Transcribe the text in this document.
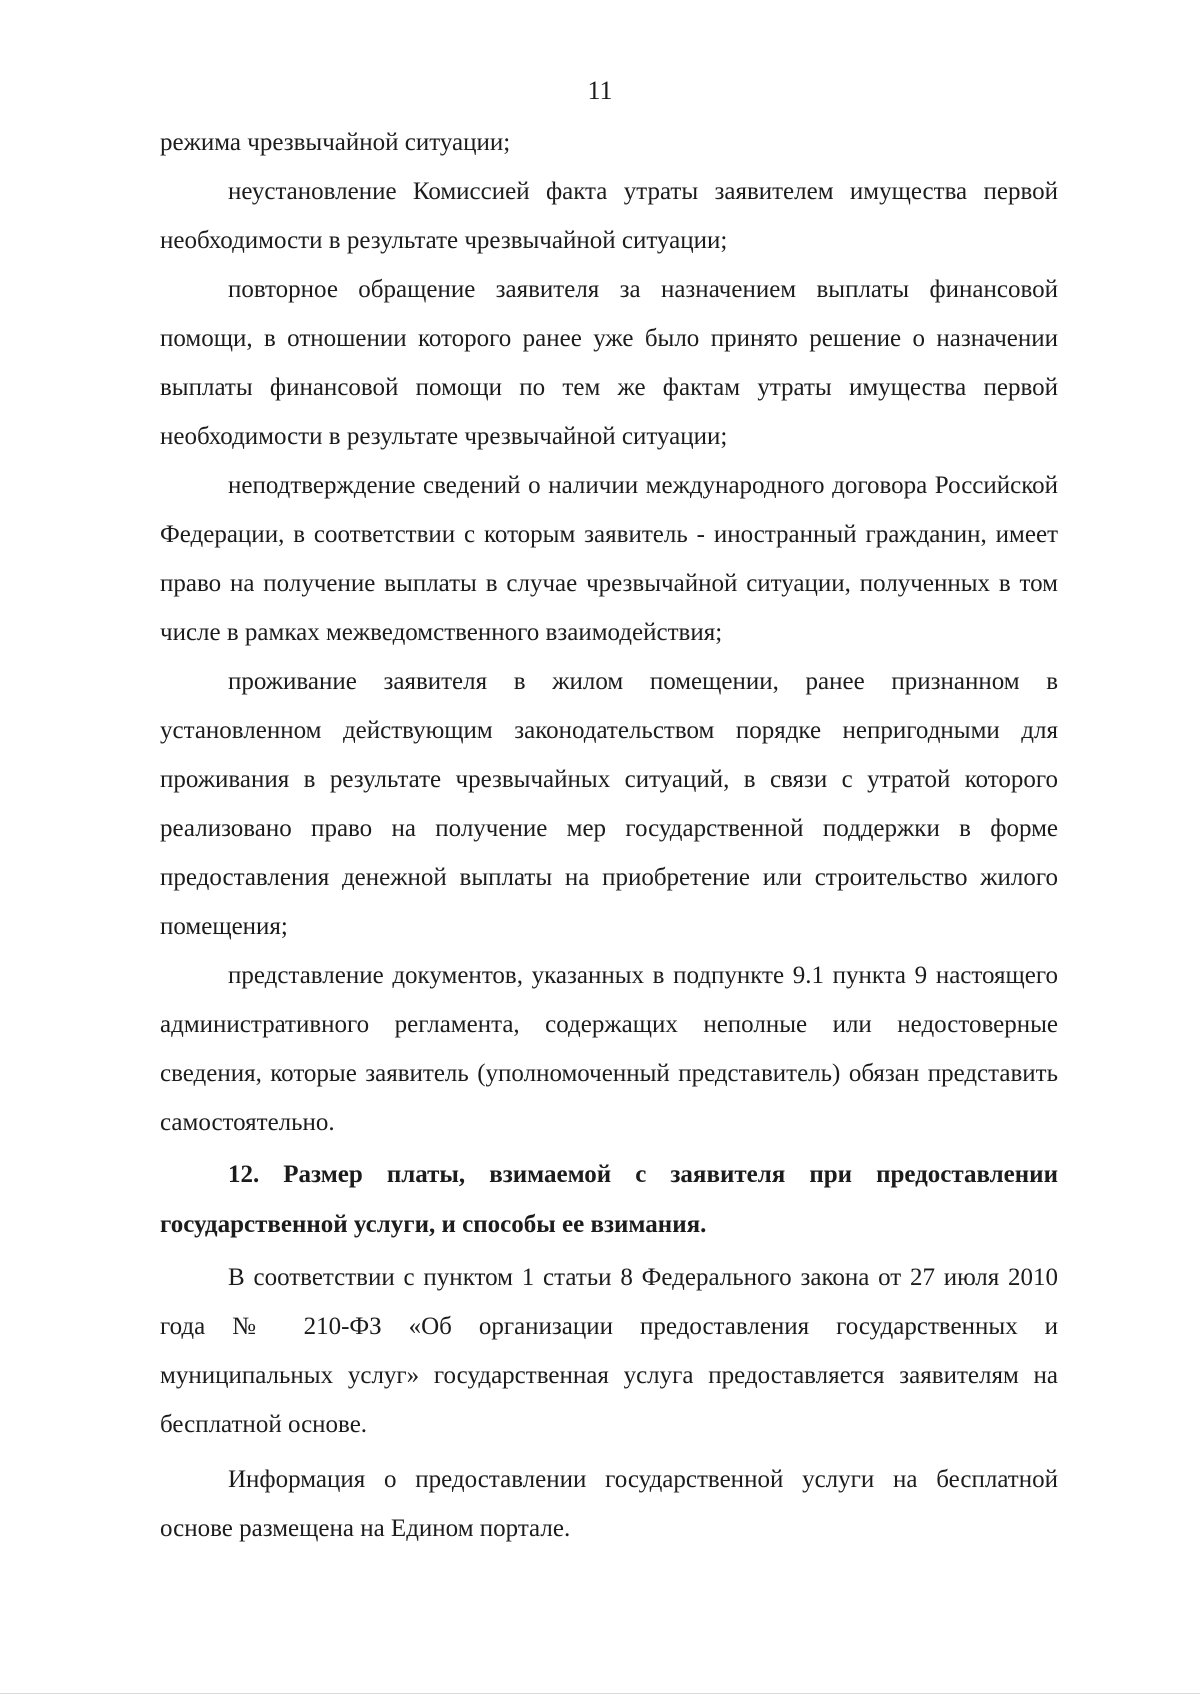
11

режима чрезвычайной ситуации;

неустановление Комиссией факта утраты заявителем имущества первой необходимости в результате чрезвычайной ситуации;

повторное обращение заявителя за назначением выплаты финансовой помощи, в отношении которого ранее уже было принято решение о назначении выплаты финансовой помощи по тем же фактам утраты имущества первой необходимости в результате чрезвычайной ситуации;

неподтверждение сведений о наличии международного договора Российской Федерации, в соответствии с которым заявитель - иностранный гражданин, имеет право на получение выплаты в случае чрезвычайной ситуации, полученных в том числе в рамках межведомственного взаимодействия;

проживание заявителя в жилом помещении, ранее признанном в установленном действующим законодательством порядке непригодными для проживания в результате чрезвычайных ситуаций, в связи с утратой которого реализовано право на получение мер государственной поддержки в форме предоставления денежной выплаты на приобретение или строительство жилого помещения;

представление документов, указанных в подпункте 9.1 пункта 9 настоящего административного регламента, содержащих неполные или недостоверные сведения, которые заявитель (уполномоченный представитель) обязан представить самостоятельно.

12. Размер платы, взимаемой с заявителя при предоставлении государственной услуги, и способы ее взимания.

В соответствии с пунктом 1 статьи 8 Федерального закона от 27 июля 2010 года № 210-ФЗ «Об организации предоставления государственных и муниципальных услуг» государственная услуга предоставляется заявителям на бесплатной основе.

Информация о предоставлении государственной услуги на бесплатной основе размещена на Едином портале.
